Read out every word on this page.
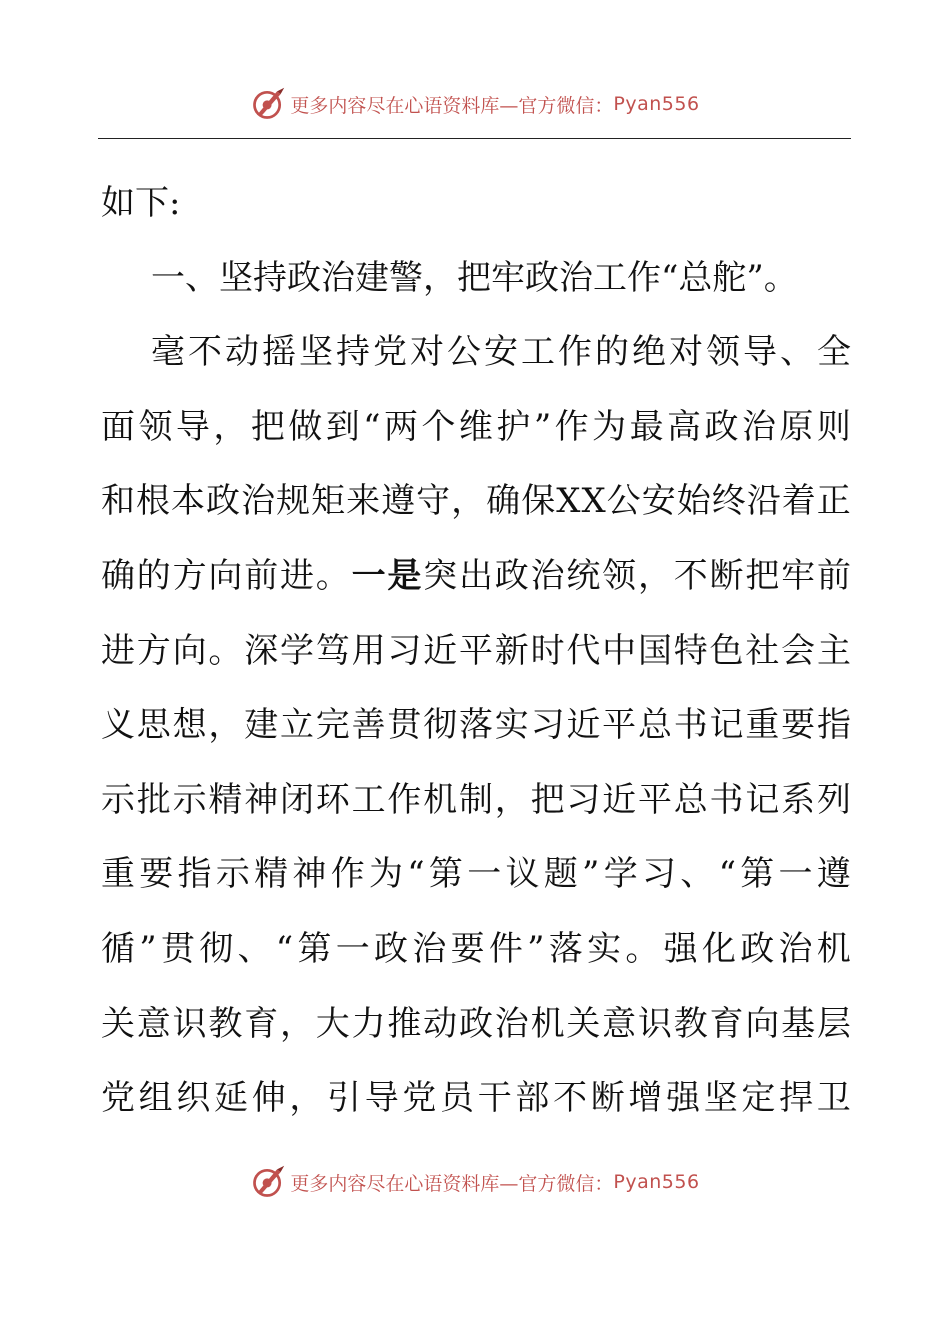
更多内容尽在心语资料库—官方微信： Pyan556
如 下 :
一 、 坚 持 政 治 建 警 ， 把 牢 政 治 工 作 “ 总 舵 ” 。
毫 不 动 摇 坚 持 党 对 公 安 工 作 的 绝 对 领 导 、 全
面 领 导 ， 把 做 到 “ 两 个 维 护 ” 作 为 最 高 政 治 原 则
和 根 本 政 治 规 矩 来 遵 守 ， 确 保 X X 公 安 始 终 沿 着 正
确 的 方 向 前 进 。 一 是 突 出 政 治 统 领 ， 不 断 把 牢 前
进 方 向 。 深 学 笃 用 习 近 平 新 时 代 中 国 特 色 社 会 主
义 思 想 ， 建 立 完 善 贯 彻 落 实 习 近 平 总 书 记 重 要 指
示 批 示 精 神 闭 环 工 作 机 制 ， 把 习 近 平 总 书 记 系 列
重 要 指 示 精 神 作 为 “ 第 一 议 题 ” 学 习 、 “ 第 一 遵
循 ” 贯 彻 、 “ 第 一 政 治 要 件 ” 落 实 。 强 化 政 治 机
关 意 识 教 育 ， 大 力 推 动 政 治 机 关 意 识 教 育 向 基 层
党 组 织 延 伸 ， 引 导 党 员 干 部 不 断 增 强 坚 定 捍 卫
更多内容尽在心语资料库—官方微信： Pyan556
